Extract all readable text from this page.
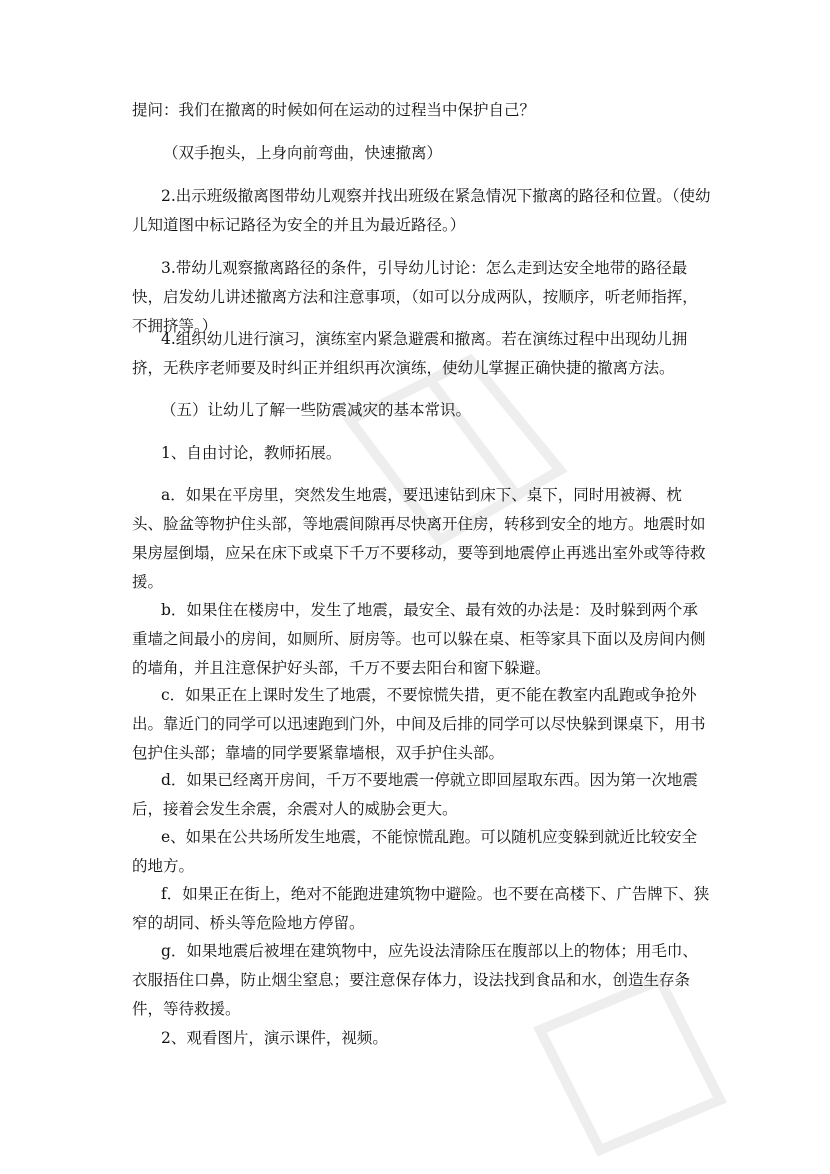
提问：我们在撤离的时候如何在运动的过程当中保护自己？

（双手抱头，上身向前弯曲，快速撤离）

2.出示班级撤离图带幼儿观察并找出班级在紧急情况下撤离的路径和位置。（使幼儿知道图中标记路径为安全的并且为最近路径。）

3.带幼儿观察撤离路径的条件，引导幼儿讨论：怎么走到达安全地带的路径最快，启发幼儿讲述撤离方法和注意事项，（如可以分成两队，按顺序，听老师指挥，不拥挤等。）

4.组织幼儿进行演习，演练室内紧急避震和撤离。若在演练过程中出现幼儿拥挤，无秩序老师要及时纠正并组织再次演练，使幼儿掌握正确快捷的撤离方法。

（五）让幼儿了解一些防震减灾的基本常识。

1、自由讨论，教师拓展。

a．如果在平房里，突然发生地震，要迅速钻到床下、桌下，同时用被褥、枕头、脸盆等物护住头部，等地震间隙再尽快离开住房，转移到安全的地方。地震时如果房屋倒塌，应呆在床下或桌下千万不要移动，要等到地震停止再逃出室外或等待救援。

b．如果住在楼房中，发生了地震，最安全、最有效的办法是：及时躲到两个承重墙之间最小的房间，如厕所、厨房等。也可以躲在桌、柜等家具下面以及房间内侧的墙角，并且注意保护好头部，千万不要去阳台和窗下躲避。

c．如果正在上课时发生了地震，不要惊慌失措，更不能在教室内乱跑或争抢外出。靠近门的同学可以迅速跑到门外，中间及后排的同学可以尽快躲到课桌下，用书包护住头部；靠墙的同学要紧靠墙根，双手护住头部。

d．如果已经离开房间，千万不要地震一停就立即回屋取东西。因为第一次地震后，接着会发生余震，余震对人的威胁会更大。

e、如果在公共场所发生地震，不能惊慌乱跑。可以随机应变躲到就近比较安全的地方。

f．如果正在街上，绝对不能跑进建筑物中避险。也不要在高楼下、广告牌下、狭窄的胡同、桥头等危险地方停留。

g．如果地震后被埋在建筑物中，应先设法清除压在腹部以上的物体；用毛巾、衣服捂住口鼻，防止烟尘窒息；要注意保存体力，设法找到食品和水，创造生存条件，等待救援。

2、观看图片，演示课件，视频。
